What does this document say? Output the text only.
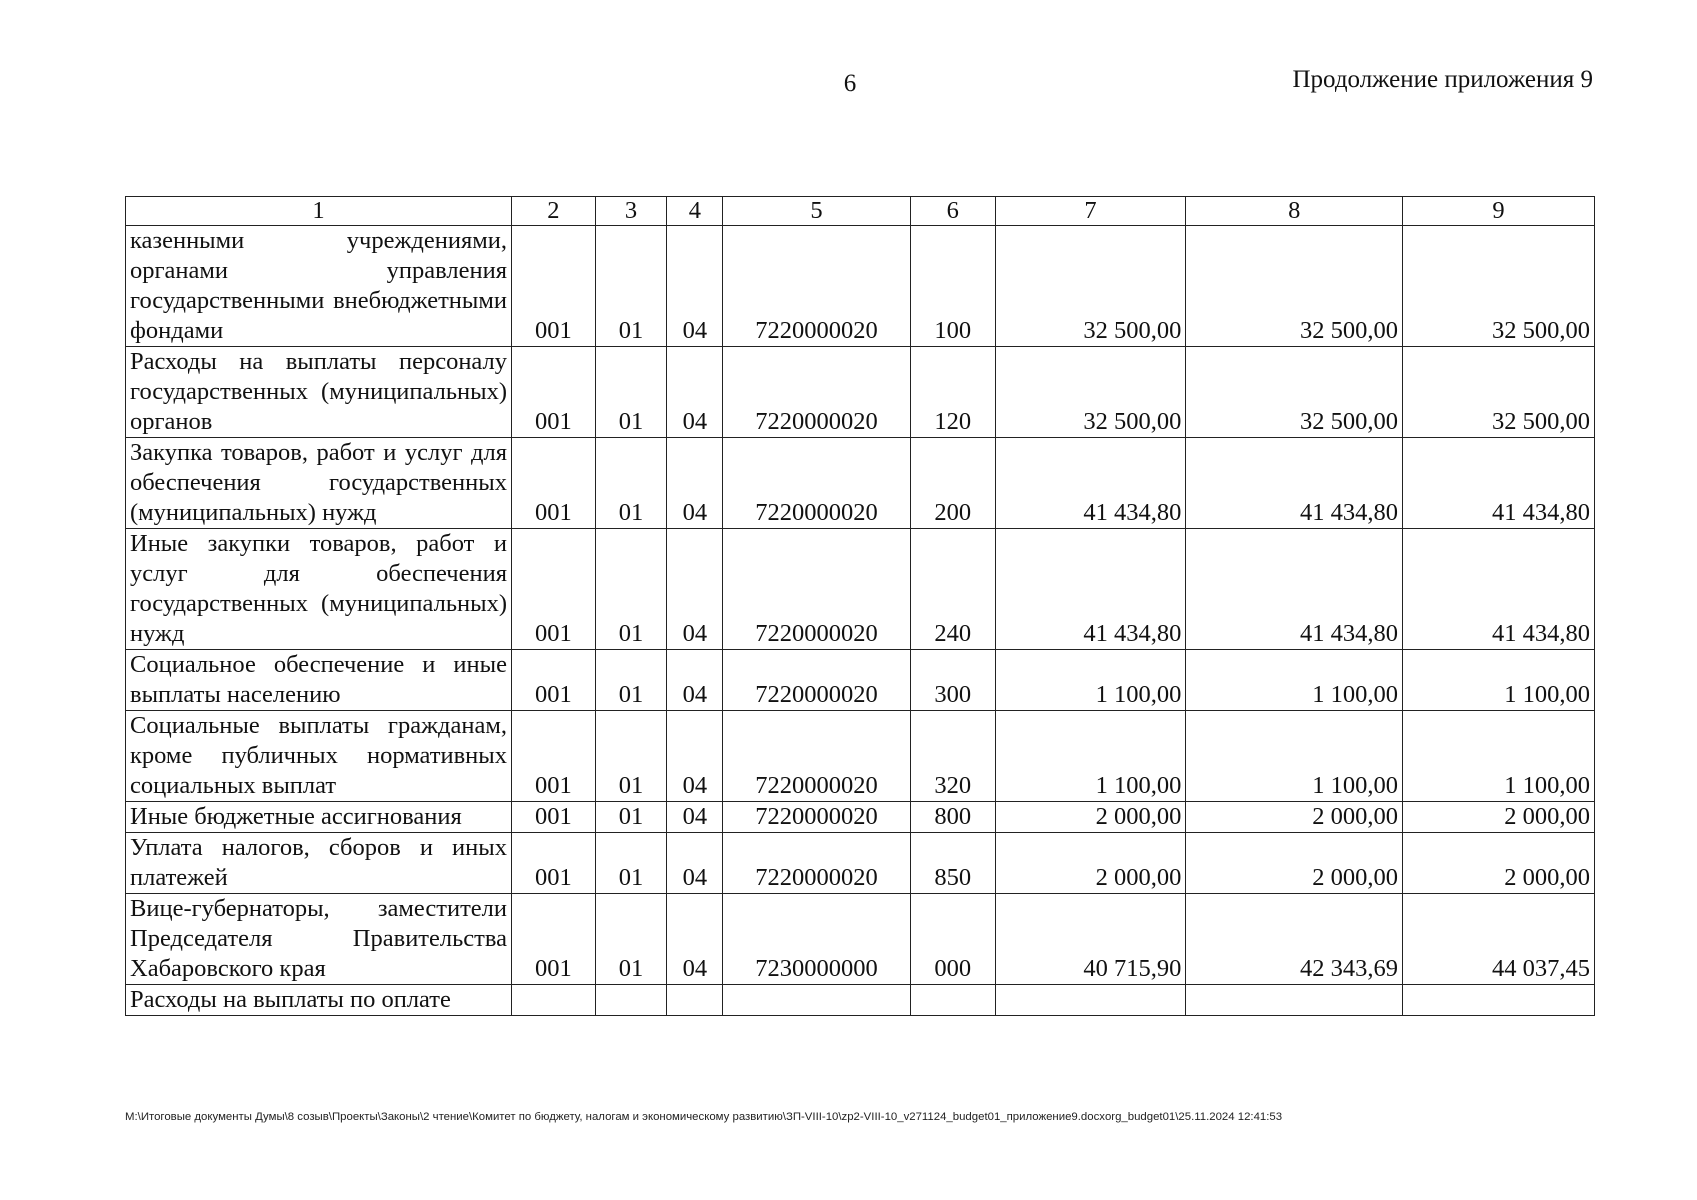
6	Продолжение приложения 9
1	2	3	4	5	6	7	8	9
казенными учреждениями, органами управления государственными внебюджетными фондами	001	01	04	7220000020	100	32 500,00	32 500,00	32 500,00
Расходы на выплаты персоналу государственных (муниципальных) органов	001	01	04	7220000020	120	32 500,00	32 500,00	32 500,00
Закупка товаров, работ и услуг для обеспечения государственных (муниципальных) нужд	001	01	04	7220000020	200	41 434,80	41 434,80	41 434,80
Иные закупки товаров, работ и услуг для обеспечения государственных (муниципальных) нужд	001	01	04	7220000020	240	41 434,80	41 434,80	41 434,80
Социальное обеспечение и иные выплаты населению	001	01	04	7220000020	300	1 100,00	1 100,00	1 100,00
Социальные выплаты гражданам, кроме публичных нормативных социальных выплат	001	01	04	7220000020	320	1 100,00	1 100,00	1 100,00
Иные бюджетные ассигнования	001	01	04	7220000020	800	2 000,00	2 000,00	2 000,00
Уплата налогов, сборов и иных платежей	001	01	04	7220000020	850	2 000,00	2 000,00	2 000,00
Вице-губернаторы, заместители Председателя Правительства Хабаровского края	001	01	04	7230000000	000	40 715,90	42 343,69	44 037,45
Расходы на выплаты по оплате								
M:\Итоговые документы Думы\8 созыв\Проекты\Законы\2 чтение\Комитет по бюджету, налогам и экономическому развитию\ЗП-VIII-10\zp2-VIII-10_v271124_budget01_приложение9.docxorg_budget01\25.11.2024 12:41:53
